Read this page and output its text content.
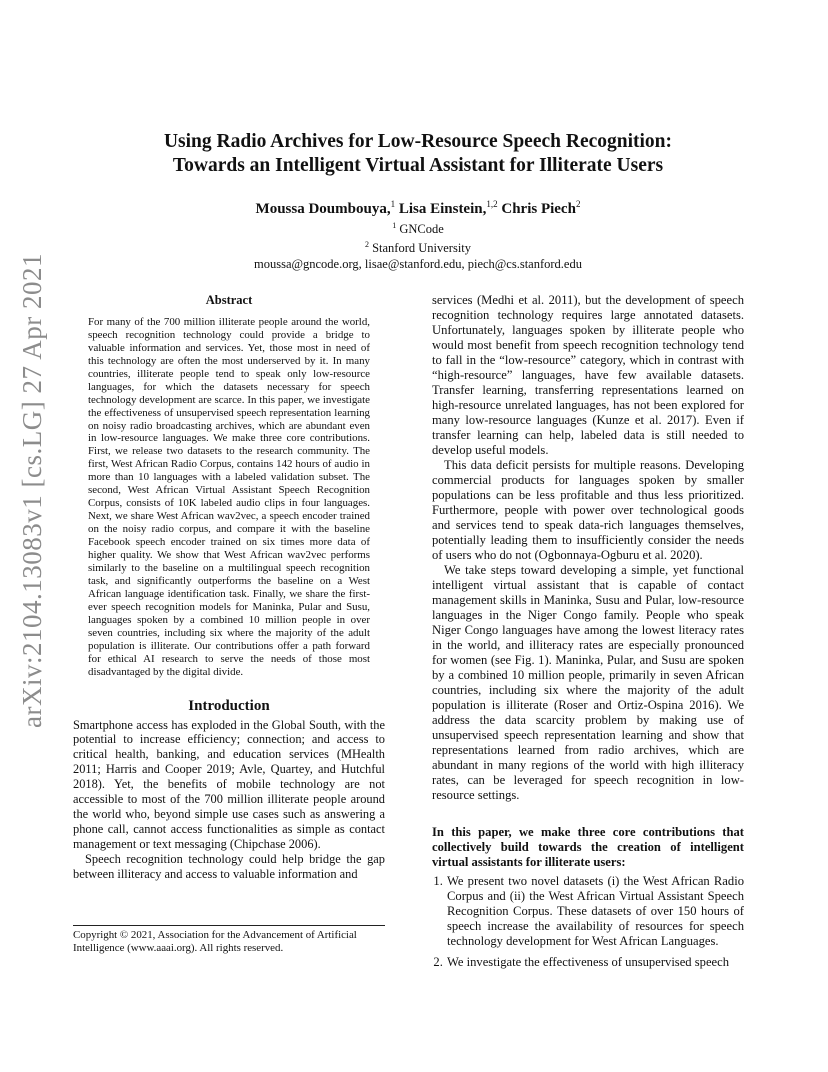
arXiv:2104.13083v1 [cs.LG] 27 Apr 2021
Using Radio Archives for Low-Resource Speech Recognition:
Towards an Intelligent Virtual Assistant for Illiterate Users
Moussa Doumbouya,$^1$ Lisa Einstein,$^{1,2}$ Chris Piech$^2$
$^1$ GNCode
$^2$ Stanford University
moussa@gncode.org, lisae@stanford.edu, piech@cs.stanford.edu
Abstract

For many of the 700 million illiterate people around the world, speech recognition technology could provide a bridge to valuable information and services. Yet, those most in need of this technology are often the most underserved by it. In many countries, illiterate people tend to speak only low-resource languages, for which the datasets necessary for speech technology development are scarce. In this paper, we investigate the effectiveness of unsupervised speech representation learning on noisy radio broadcasting archives, which are abundant even in low-resource languages. We make three core contributions. First, we release two datasets to the research community. The first, West African Radio Corpus, contains 142 hours of audio in more than 10 languages with a labeled validation subset. The second, West African Virtual Assistant Speech Recognition Corpus, consists of 10K labeled audio clips in four languages. Next, we share West African wav2vec, a speech encoder trained on the noisy radio corpus, and compare it with the baseline Facebook speech encoder trained on six times more data of higher quality. We show that West African wav2vec performs similarly to the baseline on a multilingual speech recognition task, and significantly outperforms the baseline on a West African language identification task. Finally, we share the first-ever speech recognition models for Maninka, Pular and Susu, languages spoken by a combined 10 million people in over seven countries, including six where the majority of the adult population is illiterate. Our contributions offer a path forward for ethical AI research to serve the needs of those most disadvantaged by the digital divide.

Introduction

Smartphone access has exploded in the Global South, with the potential to increase efficiency; connection; and access to critical health, banking, and education services (MHealth 2011; Harris and Cooper 2019; Avle, Quartey, and Hutchful 2018). Yet, the benefits of mobile technology are not accessible to most of the 700 million illiterate people around the world who, beyond simple use cases such as answering a phone call, cannot access functionalities as simple as contact management or text messaging (Chipchase 2006).

Speech recognition technology could help bridge the gap between illiteracy and access to valuable information and

Copyright © 2021, Association for the Advancement of Artificial Intelligence (www.aaai.org). All rights reserved.

services (Medhi et al. 2011), but the development of speech recognition technology requires large annotated datasets. Unfortunately, languages spoken by illiterate people who would most benefit from speech recognition technology tend to fall in the “low-resource” category, which in contrast with “high-resource” languages, have few available datasets. Transfer learning, transferring representations learned on high-resource unrelated languages, has not been explored for many low-resource languages (Kunze et al. 2017). Even if transfer learning can help, labeled data is still needed to develop useful models.

This data deficit persists for multiple reasons. Developing commercial products for languages spoken by smaller populations can be less profitable and thus less prioritized. Furthermore, people with power over technological goods and services tend to speak data-rich languages themselves, potentially leading them to insufficiently consider the needs of users who do not (Ogbonnaya-Ogburu et al. 2020).

We take steps toward developing a simple, yet functional intelligent virtual assistant that is capable of contact management skills in Maninka, Susu and Pular, low-resource languages in the Niger Congo family. People who speak Niger Congo languages have among the lowest literacy rates in the world, and illiteracy rates are especially pronounced for women (see Fig. 1). Maninka, Pular, and Susu are spoken by a combined 10 million people, primarily in seven African countries, including six where the majority of the adult population is illiterate (Roser and Ortiz-Ospina 2016). We address the data scarcity problem by making use of unsupervised speech representation learning and show that representations learned from radio archives, which are abundant in many regions of the world with high illiteracy rates, can be leveraged for speech recognition in low-resource settings.

In this paper, we make three core contributions that collectively build towards the creation of intelligent virtual assistants for illiterate users:

1. We present two novel datasets (i) the West African Radio Corpus and (ii) the West African Virtual Assistant Speech Recognition Corpus. These datasets of over 150 hours of speech increase the availability of resources for speech technology development for West African Languages.
2. We investigate the effectiveness of unsupervised speech
